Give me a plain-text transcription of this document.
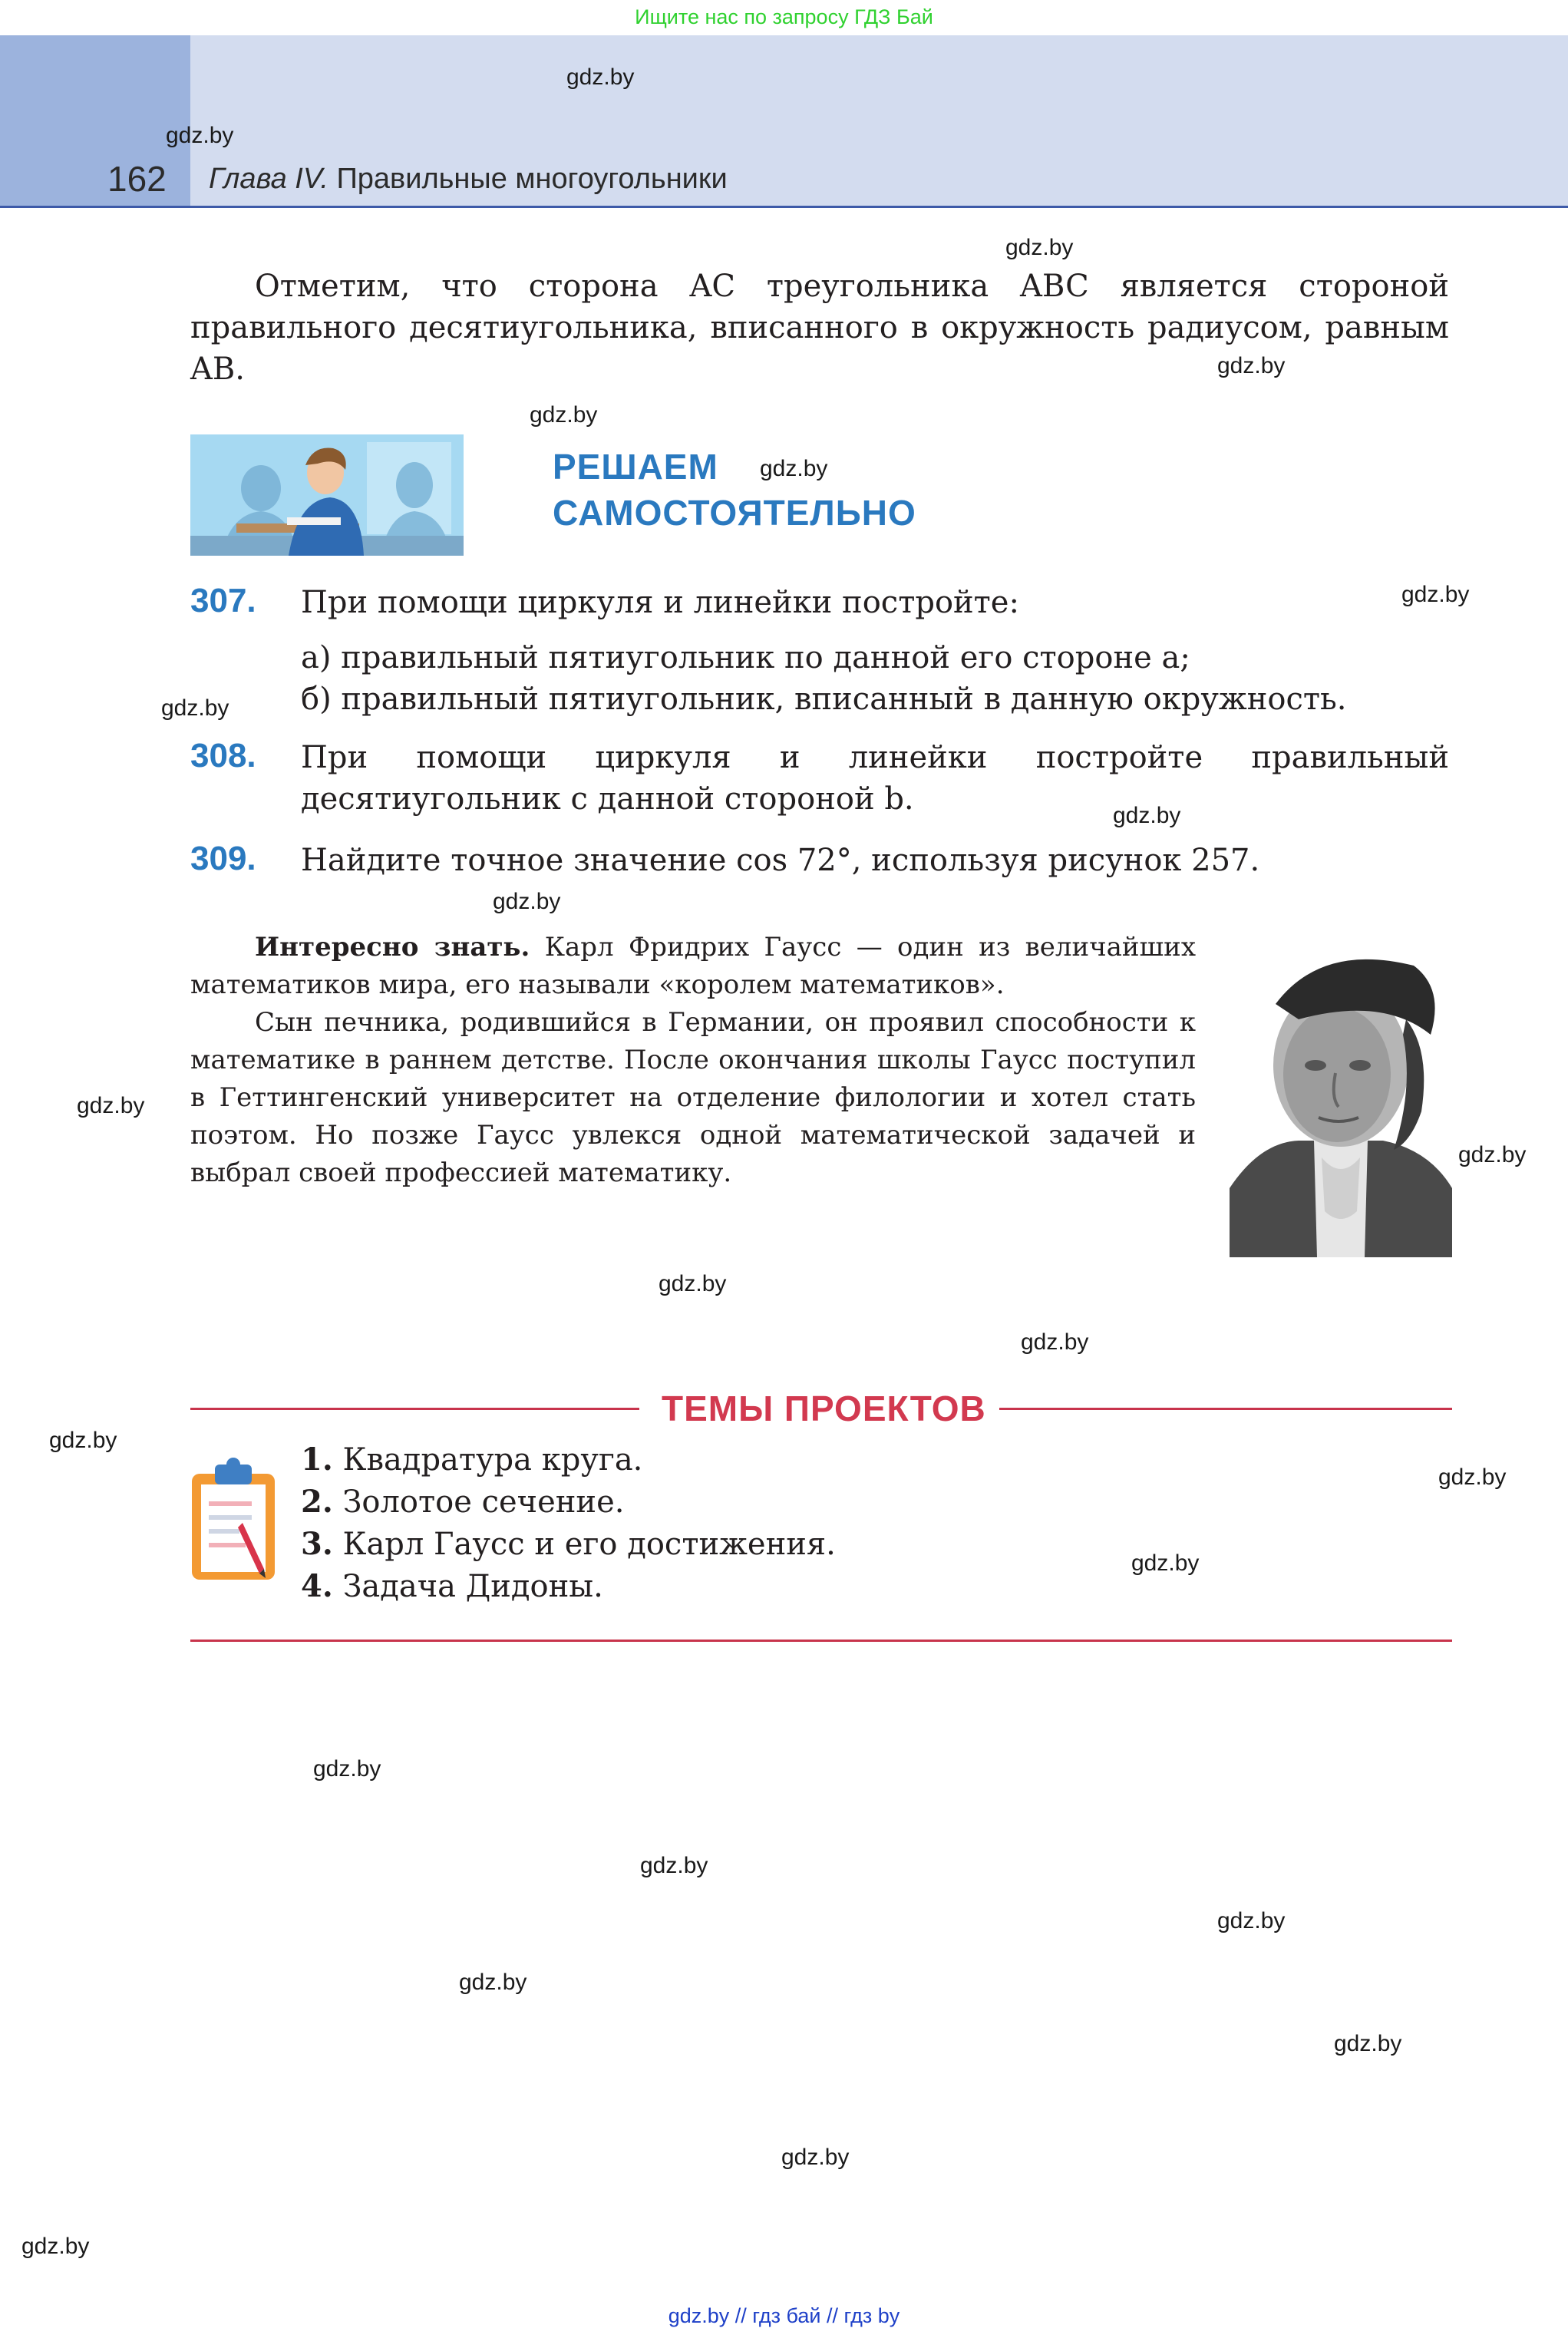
Ищите нас по запросу ГДЗ Бай
162 Глава IV. Правильные многоугольники
Отметим, что сторона AC треугольника ABC является стороной правильного десятиугольника, вписанного в окружность радиусом, равным AB.
РЕШАЕМ
САМОСТОЯТЕЛЬНО
307. При помощи циркуля и линейки постройте:
а) правильный пятиугольник по данной его стороне a;
б) правильный пятиугольник, вписанный в данную окружность.
308. При помощи циркуля и линейки постройте правильный десятиугольник с данной стороной b.
309. Найдите точное значение cos 72°, используя рисунок 257.

Интересно знать. Карл Фридрих Гаусс — один из величайших математиков мира, его называли «королем математиков».

Сын печника, родившийся в Германии, он проявил способности к математике в раннем детстве. После окончания школы Гаусс поступил в Геттингенский университет на отделение филологии и хотел стать поэтом. Но позже Гаусс увлекся одной математической задачей и выбрал своей профессией математику.

ТЕМЫ ПРОЕКТОВ
1. Квадратура круга.
2. Золотое сечение.
3. Карл Гаусс и его достижения.
4. Задача Дидоны.
gdz.by
gdz.by
gdz.by
gdz.by
gdz.by
gdz.by
gdz.by
gdz.by
gdz.by
gdz.by
gdz.by
gdz.by
gdz.by
gdz.by
gdz.by
gdz.by
gdz.by
gdz.by
gdz.by
gdz.by
gdz.by
gdz.by
gdz.by
gdz.by
gdz.by // гдз бай // гдз by
